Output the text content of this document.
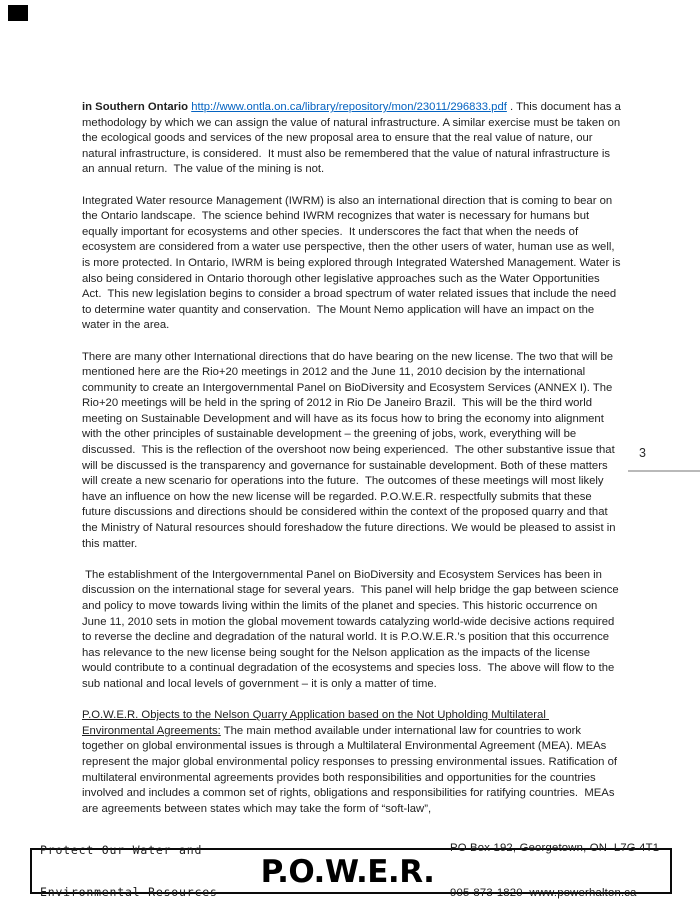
in Southern Ontario http://www.ontla.on.ca/library/repository/mon/23011/296833.pdf . This document has a methodology by which we can assign the value of natural infrastructure. A similar exercise must be taken on the ecological goods and services of the new proposal area to ensure that the real value of nature, our natural infrastructure, is considered.  It must also be remembered that the value of natural infrastructure is an annual return.  The value of the mining is not.

Integrated Water resource Management (IWRM) is also an international direction that is coming to bear on the Ontario landscape.  The science behind IWRM recognizes that water is necessary for humans but equally important for ecosystems and other species.  It underscores the fact that when the needs of ecosystem are considered from a water use perspective, then the other users of water, human use as well, is more protected. In Ontario, IWRM is being explored through Integrated Watershed Management. Water is also being considered in Ontario thorough other legislative approaches such as the Water Opportunities Act.  This new legislation begins to consider a broad spectrum of water related issues that include the need to determine water quantity and conservation.  The Mount Nemo application will have an impact on the water in the area.

There are many other International directions that do have bearing on the new license. The two that will be mentioned here are the Rio+20 meetings in 2012 and the June 11, 2010 decision by the international community to create an Intergovernmental Panel on BioDiversity and Ecosystem Services (ANNEX I). The Rio+20 meetings will be held in the spring of 2012 in Rio De Janeiro Brazil.  This will be the third world meeting on Sustainable Development and will have as its focus how to bring the economy into alignment with the other principles of sustainable development – the greening of jobs, work, everything will be discussed.  This is the reflection of the overshoot now being experienced.  The other substantive issue that will be discussed is the transparency and governance for sustainable development. Both of these matters will create a new scenario for operations into the future.  The outcomes of these meetings will most likely have an influence on how the new license will be regarded. P.O.W.E.R. respectfully submits that these future discussions and directions should be considered within the context of the proposed quarry and that the Ministry of Natural resources should foreshadow the future directions. We would be pleased to assist in this matter.

The establishment of the Intergovernmental Panel on BioDiversity and Ecosystem Services has been in discussion on the international stage for several years.  This panel will help bridge the gap between science and policy to move towards living within the limits of the planet and species. This historic occurrence on June 11, 2010 sets in motion the global movement towards catalyzing world-wide decisive actions required to reverse the decline and degradation of the natural world. It is P.O.W.E.R.’s position that this occurrence has relevance to the new license being sought for the Nelson application as the impacts of the license would contribute to a continual degradation of the ecosystems and species loss.  The above will flow to the sub national and local levels of government – it is only a matter of time.

P.O.W.E.R. Objects to the Nelson Quarry Application based on the Not Upholding Multilateral Environmental Agreements: The main method available under international law for countries to work together on global environmental issues is through a Multilateral Environmental Agreement (MEA). MEAs represent the major global environmental policy responses to pressing environmental issues. Ratification of multilateral environmental agreements provides both responsibilities and opportunities for the countries involved and includes a common set of rights, obligations and responsibilities for ratifying countries.  MEAs are agreements between states which may take the form of “soft-law”,

3

Protect Our Water and

Environmental Resources

P.O.W.E.R.

PO Box 192, Georgetown, ON  L7G 4T1

905·873·1820  www.powerhalton.ca
